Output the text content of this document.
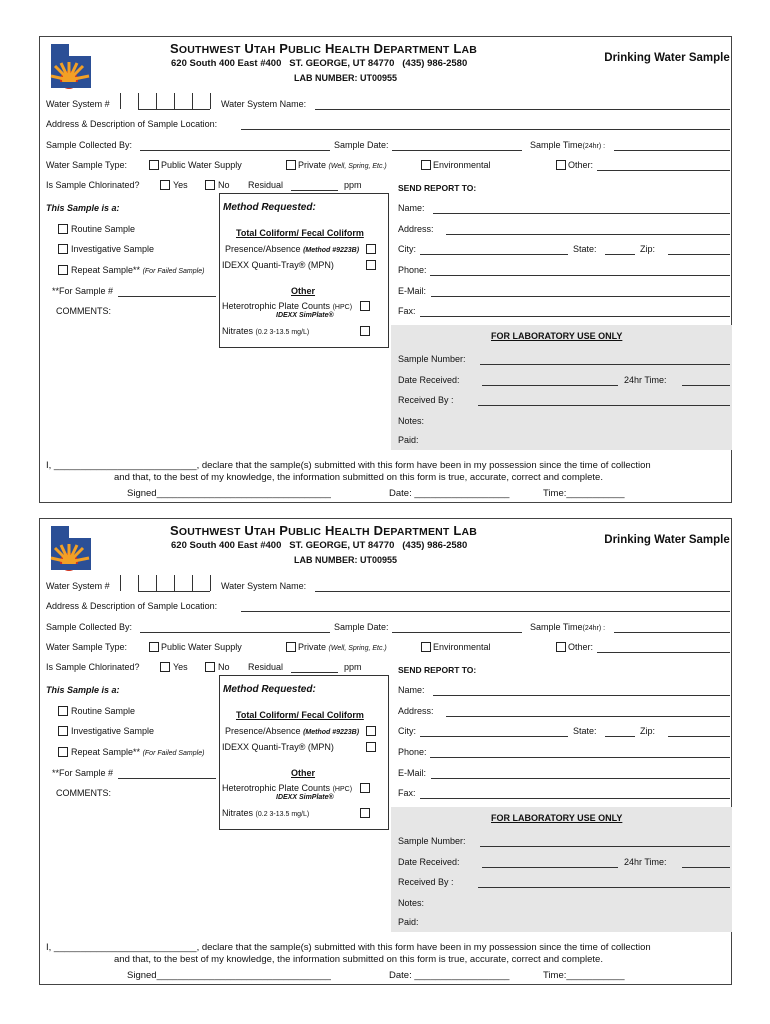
SOUTHWEST UTAH PUBLIC HEALTH DEPARTMENT LAB
620 South 400 East #400   ST. GEORGE, UT 84770   (435) 986-2580
LAB NUMBER: UT00955
Drinking Water Sample
Water System #	Water System Name:
Address & Description of Sample Location:
Sample Collected By:	Sample Date:	Sample Time(24hr) :
Water Sample Type:	Public Water Supply	Private (Well, Spring, Etc.)	Environmental	Other:
Is Sample Chlorinated?	Yes	No Residual	ppm
This Sample is a:
Routine Sample
Investigative Sample
Repeat Sample** (For Failed Sample)
**For Sample #
COMMENTS:
Method Requested:
Total Coliform/ Fecal Coliform
Presence/Absence (Method #9223B)
IDEXX Quanti-Tray® (MPN)
Other
Heterotrophic Plate Counts (HPC)
IDEXX SimPlate®
Nitrates (0.2 3-13.5 mg/L)
SEND REPORT TO:
Name:
Address:
City:	State:	Zip:
Phone:
E-Mail:
Fax:
FOR LABORATORY USE ONLY
Sample Number:
Date Received:	24hr Time:
Received By :
Notes:
Paid:
I, ___________________________, declare that the sample(s) submitted with this form have been in my possession since the time of collection
and that, to the best of my knowledge, the information submitted on this form is true, accurate, correct and complete.
Signed_________________________________	Date: __________________	Time:___________
SOUTHWEST UTAH PUBLIC HEALTH DEPARTMENT LAB
620 South 400 East #400   ST. GEORGE, UT 84770   (435) 986-2580
LAB NUMBER: UT00955
Drinking Water Sample
Water System #	Water System Name:
Address & Description of Sample Location:
Sample Collected By:	Sample Date:	Sample Time(24hr) :
Water Sample Type:	Public Water Supply	Private (Well, Spring, Etc.)	Environmental	Other:
Is Sample Chlorinated?	Yes	No Residual	ppm
This Sample is a:
Routine Sample
Investigative Sample
Repeat Sample** (For Failed Sample)
**For Sample #
COMMENTS:
Method Requested:
Total Coliform/ Fecal Coliform
Presence/Absence (Method #9223B)
IDEXX Quanti-Tray® (MPN)
Other
Heterotrophic Plate Counts (HPC)
IDEXX SimPlate®
Nitrates (0.2 3-13.5 mg/L)
SEND REPORT TO:
Name:
Address:
City:	State:	Zip:
Phone:
E-Mail:
Fax:
FOR LABORATORY USE ONLY
Sample Number:
Date Received:	24hr Time:
Received By :
Notes:
Paid:
I, ___________________________, declare that the sample(s) submitted with this form have been in my possession since the time of collection
and that, to the best of my knowledge, the information submitted on this form is true, accurate, correct and complete.
Signed_________________________________	Date: __________________	Time:___________
